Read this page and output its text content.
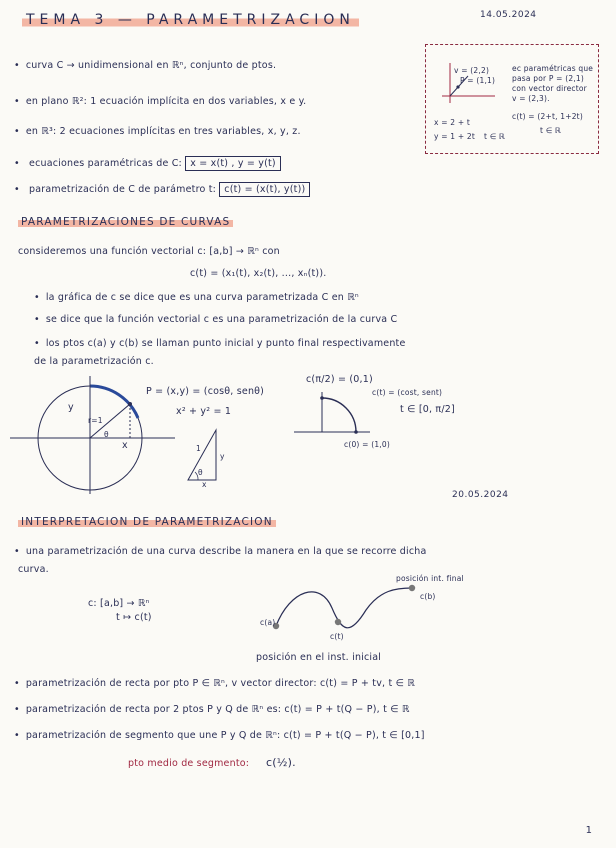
TEMA 3 — PARAMETRIZACION	14.05.2024
• curva C → unidimensional en ℝⁿ, conjunto de ptos.
• en plano ℝ²: 1 ecuación implícita en dos variables, x e y.
• en ℝ³: 2 ecuaciones implícitas en tres variables, x, y, z.
• ecuaciones paramétricas de C: x = x(t) , y = y(t)
• parametrización de C de parámetro t: c(t) = (x(t), y(t))
v = (2,2)
P = (1,1)
ec paramétricas que pasa por P = (2,1) con vector director v = (2,3).
x = 2 + t
y = 1 + 2t t ∈ ℝ
c(t) = (2+t, 1+2t)
t ∈ ℝ
PARAMETRIZACIONES DE CURVAS
consideremos una función vectorial c: [a,b] → ℝⁿ con
c(t) = (x₁(t), x₂(t), ..., xₙ(t)).
• la gráfica de c se dice que es una curva parametrizada C en ℝⁿ
• se dice que la función vectorial c es una parametrización de la curva C
• los ptos c(a) y c(b) se llaman punto inicial y punto final respectivamente
de la parametrización c.
y
x
r=1
θ
P = (x,y) = (cosθ, senθ)
x² + y² = 1
1
y
x
θ
c(π/2) = (0,1)
c(t) = (cost, sent)
t ∈ [0, π/2]
c(0) = (1,0)
20.05.2024
INTERPRETACION DE PARAMETRIZACION
• una parametrización de una curva describe la manera en la que se recorre dicha
curva.
c: [a,b] → ℝⁿ
t ↦ c(t)
posición int. final
c(b)
c(a)
c(t)
posición en el inst. inicial
• parametrización de recta por pto P ∈ ℝⁿ, v vector director: c(t) = P + tv, t ∈ ℝ
• parametrización de recta por 2 ptos P y Q de ℝⁿ es: c(t) = P + t(Q − P), t ∈ ℝ
• parametrización de segmento que une P y Q de ℝⁿ: c(t) = P + t(Q − P), t ∈ [0,1]
pto medio de segmento: c(½).
1
